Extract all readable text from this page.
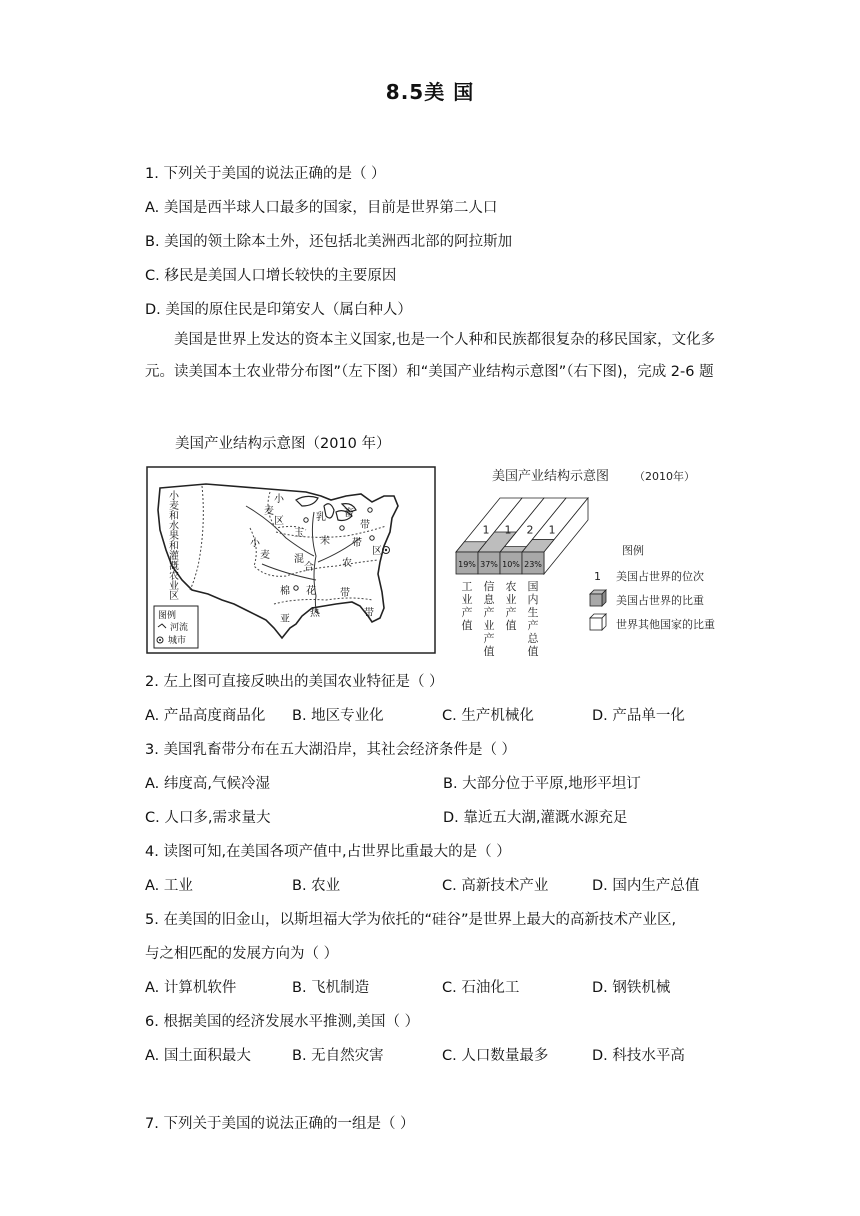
8.5美 国
1. 下列关于美国的说法正确的是（ ）
A. 美国是西半球人口最多的国家，目前是世界第二人口
B. 美国的领土除本土外，还包括北美洲西北部的阿拉斯加
C. 移民是美国人口增长较快的主要原因
D. 美国的原住民是印第安人（属白种人）
美国是世界上发达的资本主义国家,也是一个人种和民族都很复杂的移民国家，文化多元。读美国本土农业带分布图”（左下图）和“美国产业结构示意图”（右下图)，完成 2-6 题
美国产业结构示意图（2010 年）
小麦和水果和灌溉农业区	小
麦
区	乳 畜
带
玉
米 带
小
麦 混
合	农
区
棉 花 带
亚
热	带
图例
河流
城市
美国产业结构示意图 （2010年）
1
2
1
1
19% 37% 10% 23%
工
业
产
值
信
息
产
业
产
值
农
业
产
值
国
内
生
产
总
值
图例
1 美国占世界的位次
美国占世界的比重
世界其他国家的比重
2. 左上图可直接反映出的美国农业特征是（ ）
A. 产品高度商品化 B. 地区专业化	C. 生产机械化	D. 产品单一化
3. 美国乳畜带分布在五大湖沿岸，其社会经济条件是（ ）
A. 纬度高,气候冷湿	B. 大部分位于平原,地形平坦订
C. 人口多,需求量大	D. 靠近五大湖,灌溉水源充足
4. 读图可知,在美国各项产值中,占世界比重最大的是（ ）
A. 工业	B. 农业	C. 高新技术产业	D. 国内生产总值
5. 在美国的旧金山，以斯坦福大学为依托的“硅谷”是世界上最大的高新技术产业区,
与之相匹配的发展方向为（ ）
A. 计算机软件	B. 飞机制造	C. 石油化工	D. 钢铁机械
6. 根据美国的经济发展水平推测,美国（ ）
A. 国土面积最大	B. 无自然灾害	C. 人口数量最多	D. 科技水平高
7. 下列关于美国的说法正确的一组是（ ）
